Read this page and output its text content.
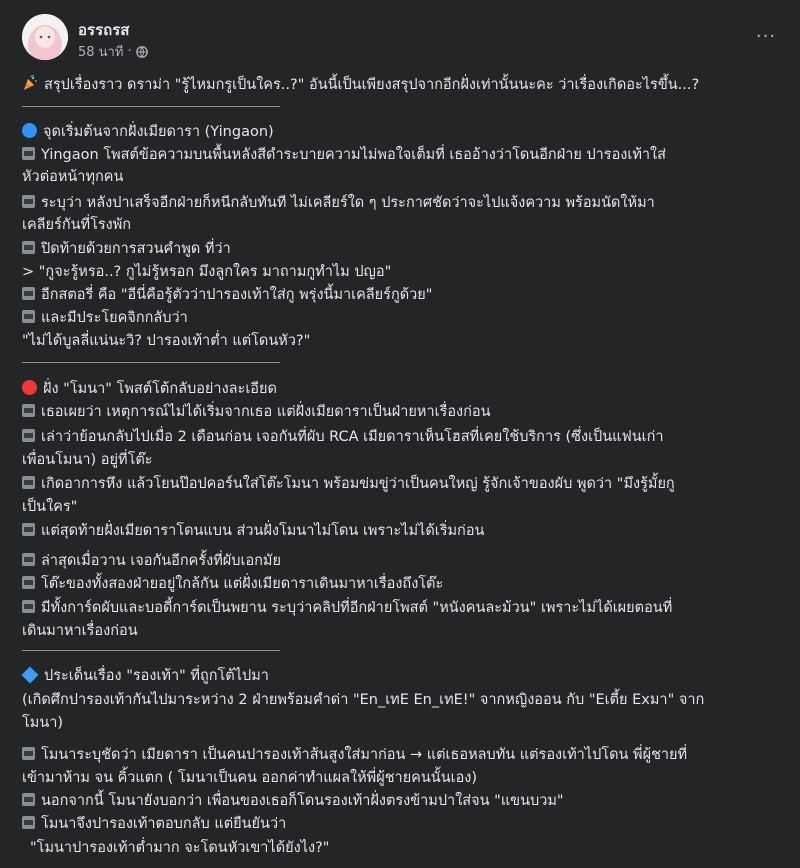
อรรถรส
58 นาที ·
···
สรุปเรื่องราว ดราม่า "รู้ไหมกรูเป็นใคร..?" อันนี้เป็นเพียงสรุปจากอีกฝั่งเท่านั้นนะคะ ว่าเรื่องเกิดอะไรขึ้น...?
จุดเริ่มต้นจากฝั่งเมียดารา (Yingaon)
Yingaon โพสต์ข้อความบนพื้นหลังสีดำระบายความไม่พอใจเต็มที่ เธออ้างว่าโดนอีกฝ่าย ปารองเท้าใส่
หัวต่อหน้าทุกคน
ระบุว่า หลังปาเสร็จอีกฝ่ายก็หนีกลับทันที ไม่เคลียร์ใด ๆ ประกาศชัดว่าจะไปแจ้งความ พร้อมนัดให้มา
เคลียร์กันที่โรงพัก
ปิดท้ายด้วยการสวนคำพูด ที่ว่า
> "กูจะรู้หรอ..? กูไม่รู้หรอก มึงลูกใคร มาถามกูทำไม ปญอ"
อีกสตอรี่ คือ "อีนี่คือรู้ตัวว่าปารองเท้าใส่กู พรุ่งนี้มาเคลียร์กูด้วย"
และมีประโยคจิกกลับว่า
"ไม่ได้บูลลี่แน่นะวิ? ปารองเท้าต่ำ แต่โดนหัว?"
ฝั่ง "โมนา" โพสต์โต้กลับอย่างละเอียด
เธอเผยว่า เหตุการณ์ไม่ได้เริ่มจากเธอ แต่ฝั่งเมียดาราเป็นฝ่ายหาเรื่องก่อน
เล่าว่าย้อนกลับไปเมื่อ 2 เดือนก่อน เจอกันที่ผับ RCA เมียดาราเห็นโฮสที่เคยใช้บริการ (ซึ่งเป็นแฟนเก่า
เพื่อนโมนา) อยู่ที่โต๊ะ
เกิดอาการหึง แล้วโยนป๊อปคอร์นใส่โต๊ะโมนา พร้อมข่มขู่ว่าเป็นคนใหญ่ รู้จักเจ้าของผับ พูดว่า "มึงรู้มั้ยกู
เป็นใคร"
แต่สุดท้ายฝั่งเมียดาราโดนแบน ส่วนฝั่งโมนาไม่โดน เพราะไม่ได้เริ่มก่อน
ล่าสุดเมื่อวาน เจอกันอีกครั้งที่ผับเอกมัย
โต๊ะของทั้งสองฝ่ายอยู่ใกล้กัน แต่ฝั่งเมียดาราเดินมาหาเรื่องถึงโต๊ะ
มีทั้งการ์ดผับและบอดี้การ์ดเป็นพยาน ระบุว่าคลิปที่อีกฝ่ายโพสต์ "หนังคนละม้วน" เพราะไม่ได้เผยตอนที่
เดินมาหาเรื่องก่อน
ประเด็นเรื่อง "รองเท้า" ที่ถูกโต้ไปมา
(เกิดศึกปารองเท้ากันไปมาระหว่าง 2 ฝ่ายพร้อมคำด่า "En_เทE En_เทE!" จากหญิงออน กับ "Eเตี้ย Exมา" จาก
โมนา)
โมนาระบุชัดว่า เมียดารา เป็นคนปารองเท้าส้นสูงใส่มาก่อน → แต่เธอหลบทัน แต่รองเท้าไปโดน พี่ผู้ชายที่
เข้ามาห้าม จน คิ้วแตก ( โมนาเป็นคน ออกค่าทำแผลให้พี่ผู้ชายคนนั้นเอง)
นอกจากนี้ โมนายังบอกว่า เพื่อนของเธอก็โดนรองเท้าฝั่งตรงข้ามปาใส่จน "แขนบวม"
โมนาจึงปารองเท้าตอบกลับ แต่ยืนยันว่า
"โมนาปารองเท้าต่ำมาก จะโดนหัวเขาได้ยังไง?"
